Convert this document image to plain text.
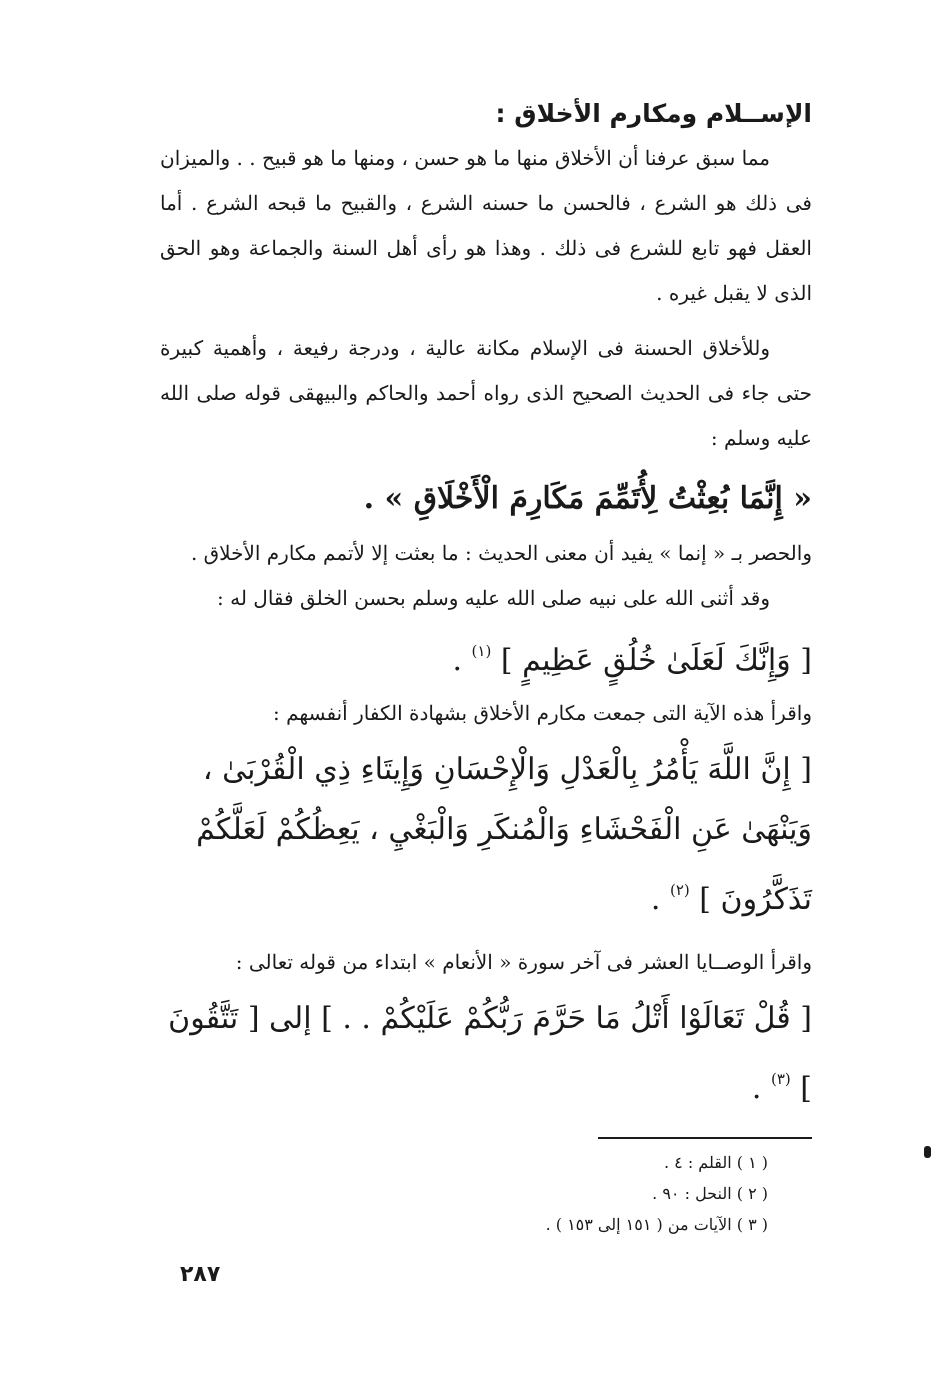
الإســلام ومكارم الأخلاق :

مما سبق عرفنا أن الأخلاق منها ما هو حسن ، ومنها ما هو قبيح . . والميزان فى ذلك هو الشرع ، فالحسن ما حسنه الشرع ، والقبيح ما قبحه الشرع . أما العقل فهو تابع للشرع فى ذلك . وهذا هو رأى أهل السنة والجماعة وهو الحق الذى لا يقبل غيره .

وللأخلاق الحسنة فى الإسلام مكانة عالية ، ودرجة رفيعة ، وأهمية كبيرة حتى جاء فى الحديث الصحيح الذى رواه أحمد والحاكم والبيهقى قوله صلى الله عليه وسلم :

« إِنَّمَا بُعِثْتُ لِأُتَمِّمَ مَكَارِمَ الْأَخْلَاقِ » .

والحصر بـ « إنما » يفيد أن معنى الحديث : ما بعثت إلا لأتمم مكارم الأخلاق .

وقد أثنى الله على نبيه صلى الله عليه وسلم بحسن الخلق فقال له :

[ وَإِنَّكَ لَعَلَىٰ خُلُقٍ عَظِيمٍ ] $^{(١)}$ .

واقرأ هذه الآية التى جمعت مكارم الأخلاق بشهادة الكفار أنفسهم :

[ إِنَّ اللَّهَ يَأْمُرُ بِالْعَدْلِ وَالْإِحْسَانِ وَإِيتَاءِ ذِي الْقُرْبَىٰ ، وَيَنْهَىٰ عَنِ الْفَحْشَاءِ وَالْمُنكَرِ وَالْبَغْيِ ، يَعِظُكُمْ لَعَلَّكُمْ تَذَكَّرُونَ ] $^{(٢)}$ .

واقرأ الوصــايا العشر فى آخر سورة « الأنعام » ابتداء من قوله تعالى :

[ قُلْ تَعَالَوْا أَتْلُ مَا حَرَّمَ رَبُّكُمْ عَلَيْكُمْ . . ] إلى [ تَتَّقُونَ ] $^{(٣)}$ .

( ١ ) القلم : ٤ .

( ٢ ) النحل : ٩٠ .

( ٣ ) الآيات من ( ١٥١ إلى ١٥٣ ) .

٢٨٧
